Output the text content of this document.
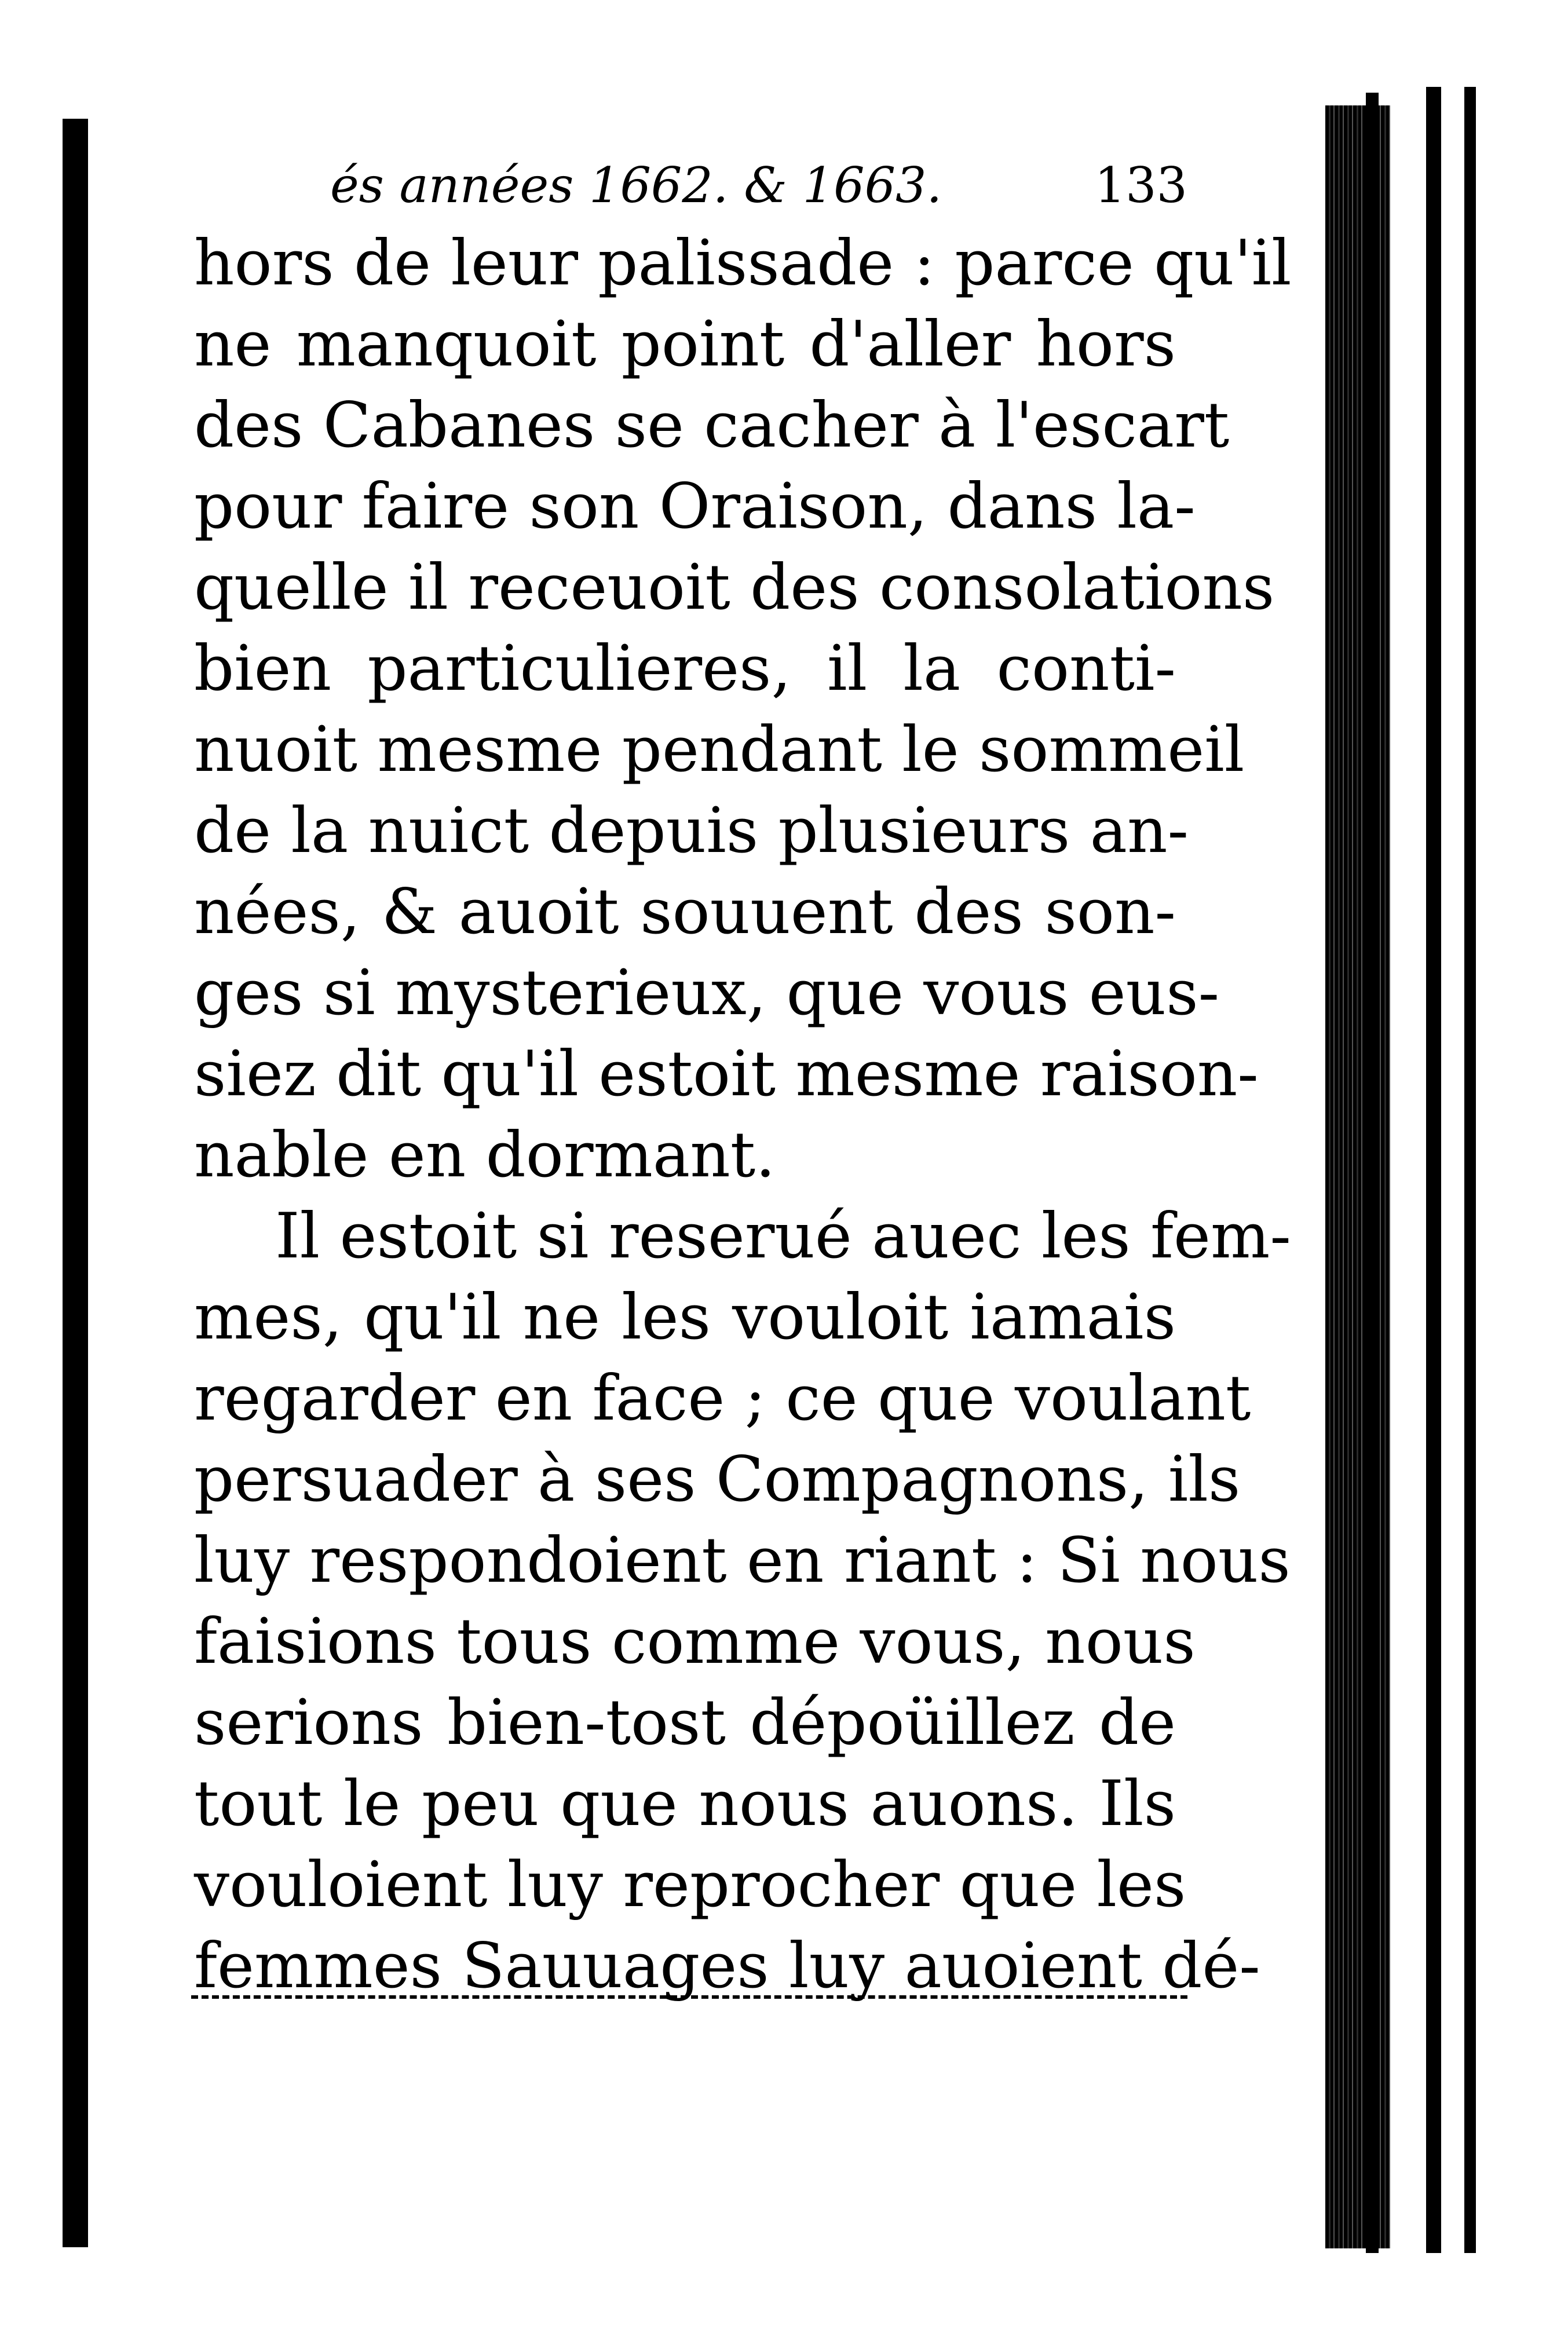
és années 1662. & 1663.	133
hors de leur palissade : parce qu'il
ne manquoit point d'aller hors
des Cabanes se cacher à l'escart
pour faire son Oraison, dans la-
quelle il receuoit des consolations
bien particulieres, il la conti-
nuoit mesme pendant le sommeil
de la nuict depuis plusieurs an-
nées, & auoit souuent des son-
ges si mysterieux, que vous eus-
siez dit qu'il estoit mesme raison-
nable en dormant.
Il estoit si reserué auec les fem-
mes, qu'il ne les vouloit iamais
regarder en face ; ce que voulant
persuader à ses Compagnons, ils
luy respondoient en riant : Si nous
faisions tous comme vous, nous
serions bien-tost dépoüillez de
tout le peu que nous auons. Ils
vouloient luy reprocher que les
femmes Sauuages luy auoient dé-
